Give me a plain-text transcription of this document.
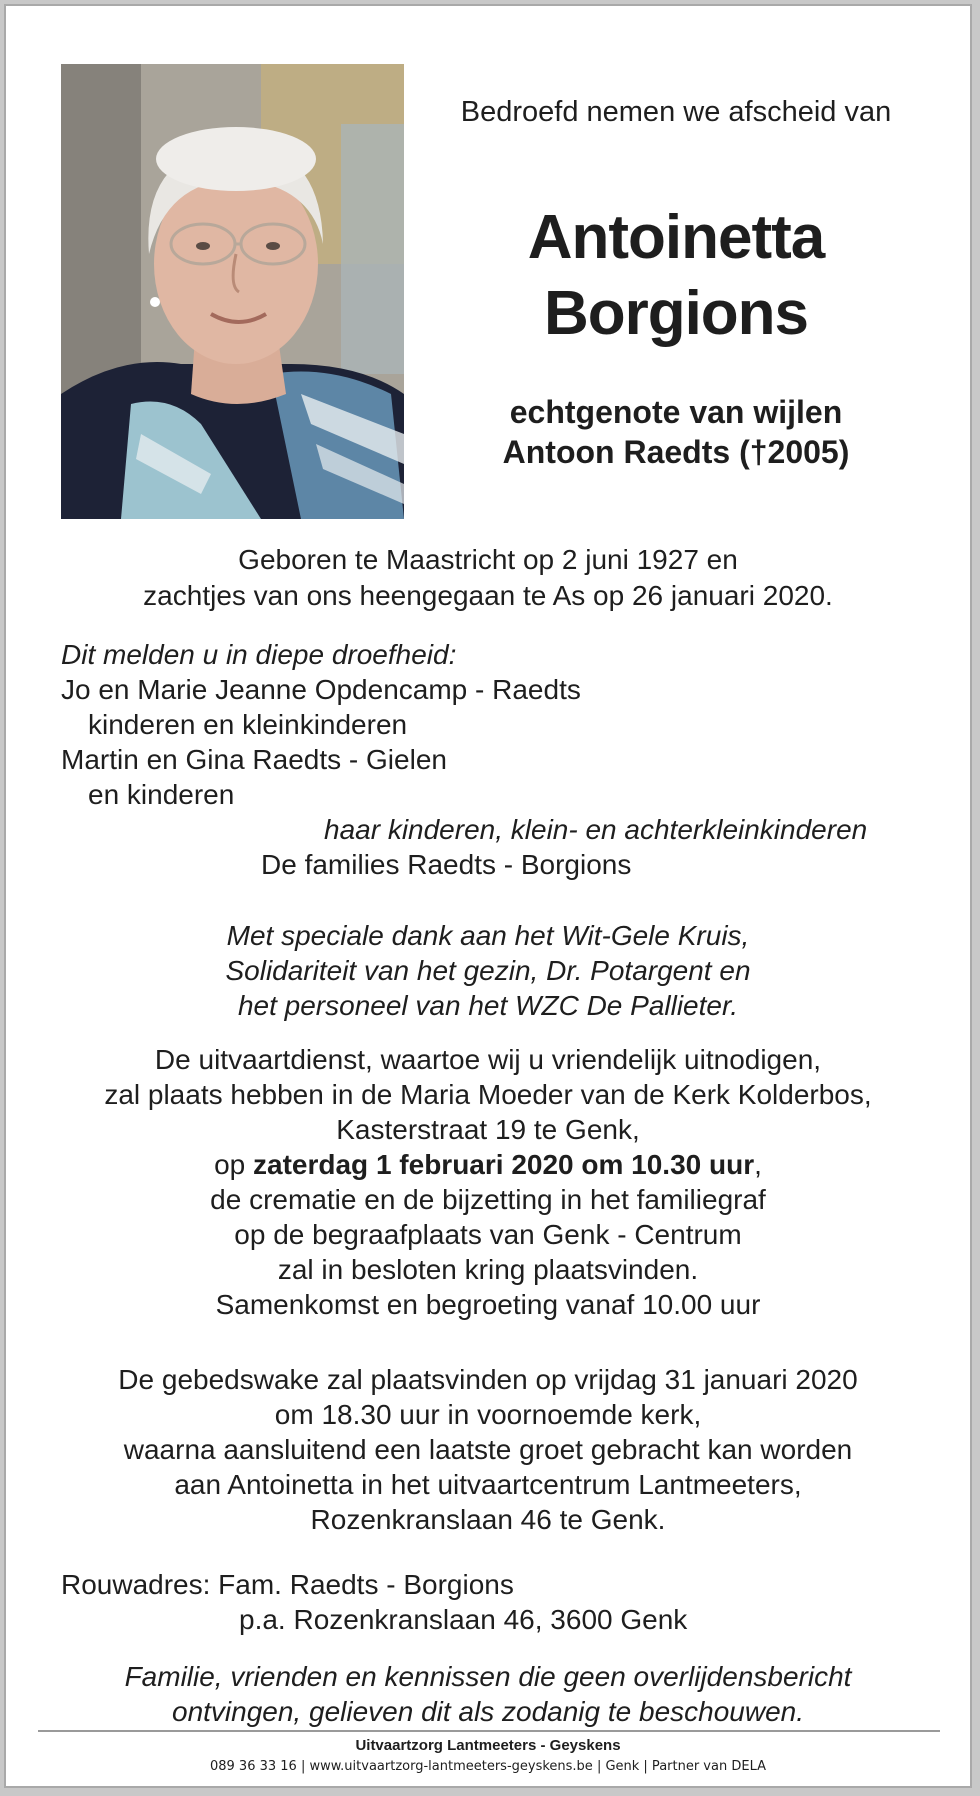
Bedroefd nemen we afscheid van
Antoinetta
Borgions
echtgenote van wijlen
Antoon Raedts (†2005)
Geboren te Maastricht op 2 juni 1927 en
zachtjes van ons heengegaan te As op 26 januari 2020.
Dit melden u in diepe droefheid:
Jo en Marie Jeanne Opdencamp - Raedts
kinderen en kleinkinderen
Martin en Gina Raedts - Gielen
en kinderen
haar kinderen, klein- en achterkleinkinderen
De families Raedts - Borgions
Met speciale dank aan het Wit-Gele Kruis,
Solidariteit van het gezin, Dr. Potargent en
het personeel van het WZC De Pallieter.
De uitvaartdienst, waartoe wij u vriendelijk uitnodigen,
zal plaats hebben in de Maria Moeder van de Kerk Kolderbos,
Kasterstraat 19 te Genk,
op zaterdag 1 februari 2020 om 10.30 uur,
de crematie en de bijzetting in het familiegraf
op de begraafplaats van Genk - Centrum
zal in besloten kring plaatsvinden.
Samenkomst en begroeting vanaf 10.00 uur
De gebedswake zal plaatsvinden op vrijdag 31 januari 2020
om 18.30 uur in voornoemde kerk,
waarna aansluitend een laatste groet gebracht kan worden
aan Antoinetta in het uitvaartcentrum Lantmeeters,
Rozenkranslaan 46 te Genk.
Rouwadres: Fam. Raedts - Borgions
p.a. Rozenkranslaan 46, 3600 Genk
Familie, vrienden en kennissen die geen overlijdensbericht
ontvingen, gelieven dit als zodanig te beschouwen.
Uitvaartzorg Lantmeeters - Geyskens
089 36 33 16 | www.uitvaartzorg-lantmeeters-geyskens.be | Genk | Partner van DELA
